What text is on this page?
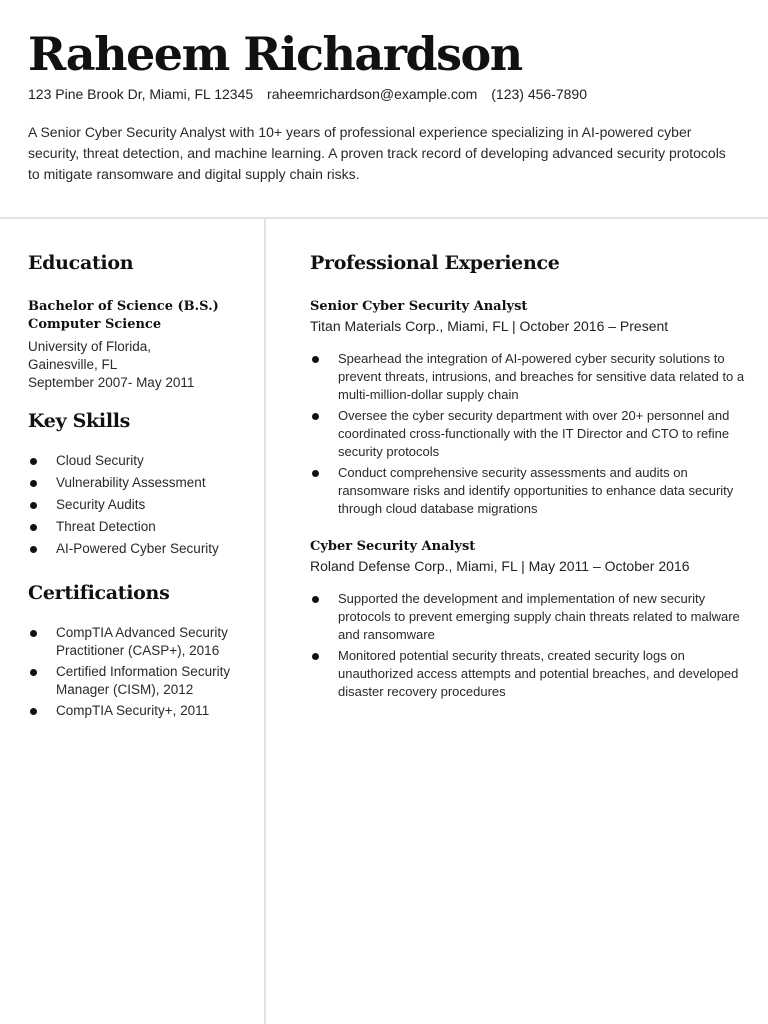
Raheem Richardson
123 Pine Brook Dr, Miami, FL 12345 raheemrichardson@example.com (123) 456-7890
A Senior Cyber Security Analyst with 10+ years of professional experience specializing in AI-powered cyber security, threat detection, and machine learning. A proven track record of developing advanced security protocols to mitigate ransomware and digital supply chain risks.
Education
Bachelor of Science (B.S.)
Computer Science
University of Florida,
Gainesville, FL
September 2007- May 2011
Key Skills
Cloud Security
Vulnerability Assessment
Security Audits
Threat Detection
AI-Powered Cyber Security
Certifications
CompTIA Advanced Security Practitioner (CASP+), 2016
Certified Information Security Manager (CISM), 2012
CompTIA Security+, 2011
Professional Experience
Senior Cyber Security Analyst
Titan Materials Corp., Miami, FL | October 2016 – Present
Spearhead the integration of AI-powered cyber security solutions to prevent threats, intrusions, and breaches for sensitive data related to a multi-million-dollar supply chain
Oversee the cyber security department with over 20+ personnel and coordinated cross-functionally with the IT Director and CTO to refine security protocols
Conduct comprehensive security assessments and audits on ransomware risks and identify opportunities to enhance data security through cloud database migrations
Cyber Security Analyst
Roland Defense Corp., Miami, FL | May 2011 – October 2016
Supported the development and implementation of new security protocols to prevent emerging supply chain threats related to malware and ransomware
Monitored potential security threats, created security logs on unauthorized access attempts and potential breaches, and developed disaster recovery procedures
